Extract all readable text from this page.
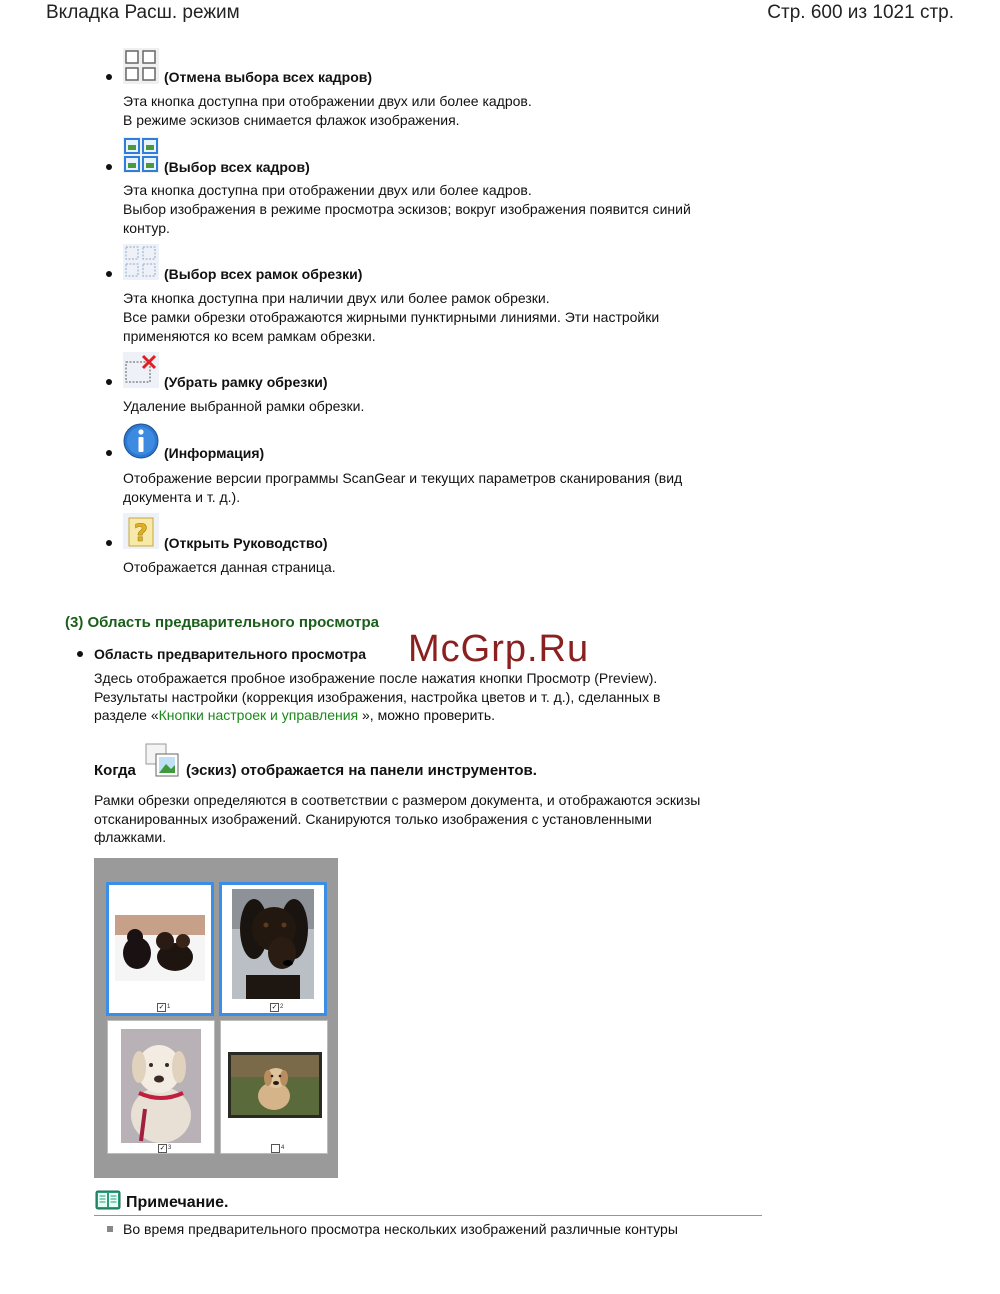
Вкладка Расш. режим	Стр. 600 из 1021 стр.
(Отмена выбора всех кадров)
Эта кнопка доступна при отображении двух или более кадров.
В режиме эскизов снимается флажок изображения.
(Выбор всех кадров)
Эта кнопка доступна при отображении двух или более кадров.
Выбор изображения в режиме просмотра эскизов; вокруг изображения появится синий
контур.
(Выбор всех рамок обрезки)
Эта кнопка доступна при наличии двух или более рамок обрезки.
Все рамки обрезки отображаются жирными пунктирными линиями. Эти настройки
применяются ко всем рамкам обрезки.
(Убрать рамку обрезки)
Удаление выбранной рамки обрезки.
(Информация)
Отображение версии программы ScanGear и текущих параметров сканирования (вид
документа и т. д.).
? (Открыть Руководство)
Отображается данная страница.
(3) Область предварительного просмотра
Область предварительного просмотра McGrp.Ru
Здесь отображается пробное изображение после нажатия кнопки Просмотр (Preview).
Результаты настройки (коррекция изображения, настройка цветов и т. д.), сделанных в
разделе «Кнопки настроек и управления », можно проверить.
Когда	(эскиз) отображается на панели инструментов.
Рамки обрезки определяются в соответствии с размером документа, и отображаются эскизы
отсканированных изображений. Сканируются только изображения с установленными
флажками.
✓ 1	✓ 2
✓ 3	4
Примечание.
Во время предварительного просмотра нескольких изображений различные контуры
